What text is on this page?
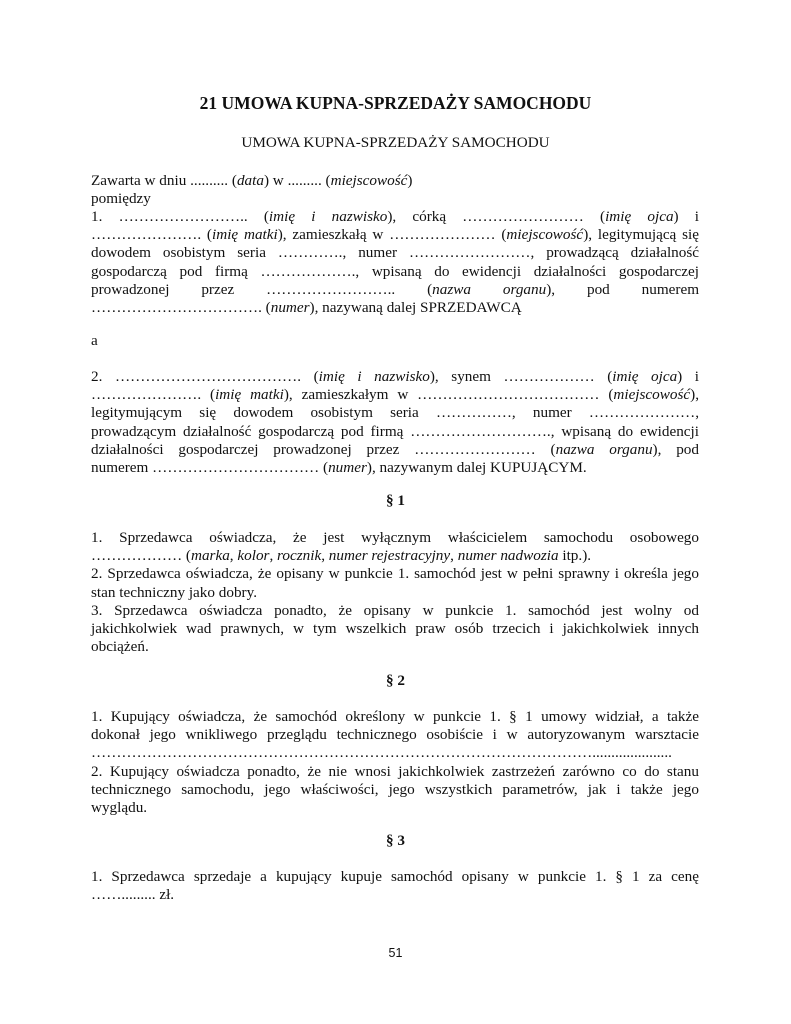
21 UMOWA KUPNA-SPRZEDAŻY SAMOCHODU
UMOWA KUPNA-SPRZEDAŻY SAMOCHODU
Zawarta w dniu .......... (data) w ......... (miejscowość)
pomiędzy
1. …………………….. (imię i nazwisko), córką …………………… (imię ojca) i
…………………. (imię matki), zamieszkałą w ………………… (miejscowość), legitymującą się
dowodem osobistym seria …………., numer ……………………, prowadzącą działalność
gospodarczą pod firmą ………………., wpisaną do ewidencji działalności gospodarczej
prowadzonej przez …………………….. (nazwa organu), pod numerem
……………………………. (numer), nazywaną dalej SPRZEDAWCĄ
a
2. ………………………………. (imię i nazwisko), synem ……………… (imię ojca) i
…………………. (imię matki), zamieszkałym w ……………………………… (miejscowość),
legitymującym się dowodem osobistym seria ……………, numer …………………,
prowadzącym działalność gospodarczą pod firmą ………………………., wpisaną do ewidencji
działalności gospodarczej prowadzonej przez …………………… (nazwa organu), pod
numerem …………………………… (numer), nazywanym dalej KUPUJĄCYM.
§ 1
1. Sprzedawca oświadcza, że jest wyłącznym właścicielem samochodu osobowego
……………… (marka, kolor, rocznik, numer rejestracyjny, numer nadwozia itp.).
2. Sprzedawca oświadcza, że opisany w punkcie 1. samochód jest w pełni sprawny i określa jego
stan techniczny jako dobry.
3. Sprzedawca oświadcza ponadto, że opisany w punkcie 1. samochód jest wolny od
jakichkolwiek wad prawnych, w tym wszelkich praw osób trzecich i jakichkolwiek innych
obciążeń.
§ 2
1. Kupujący oświadcza, że samochód określony w punkcie 1. § 1 umowy widział, a także
dokonał jego wnikliwego przeglądu technicznego osobiście i w autoryzowanym warsztacie
……………………………………………………………………………………….....................
2. Kupujący oświadcza ponadto, że nie wnosi jakichkolwiek zastrzeżeń zarówno co do stanu
technicznego samochodu, jego właściwości, jego wszystkich parametrów, jak i także jego
wyglądu.
§ 3
1. Sprzedawca sprzedaje a kupujący kupuje samochód opisany w punkcie 1. § 1 za cenę
……......... zł.
51
